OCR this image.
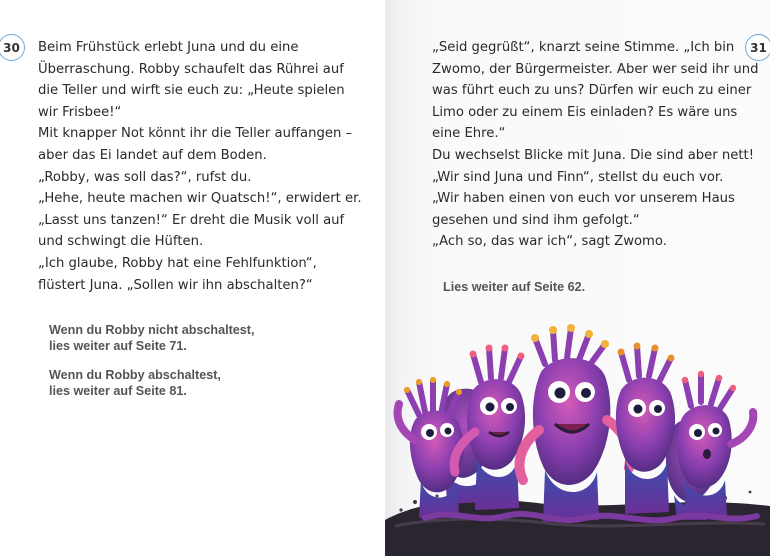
30	Beim Frühstück erlebt Juna und du eine
Überraschung. Robby schaufelt das Rührei auf
die Teller und wirft sie euch zu: „Heute spielen
wir Frisbee!“
Mit knapper Not könnt ihr die Teller auffangen –
aber das Ei landet auf dem Boden.
„Robby, was soll das?“, rufst du.
„Hehe, heute machen wir Quatsch!“, erwidert er.
„Lasst uns tanzen!“ Er dreht die Musik voll auf
und schwingt die Hüften.
„Ich glaube, Robby hat eine Fehlfunktion“,
flüstert Juna. „Sollen wir ihn abschalten?“
Wenn du Robby nicht abschaltest,
lies weiter auf Seite 71.
Wenn du Robby abschaltest,
lies weiter auf Seite 81.
31
„Seid gegrüßt“, knarzt seine Stimme. „Ich bin
Zwomo, der Bürgermeister. Aber wer seid ihr und
was führt euch zu uns? Dürfen wir euch zu einer
Limo oder zu einem Eis einladen? Es wäre uns
eine Ehre.“
Du wechselst Blicke mit Juna. Die sind aber nett!
„Wir sind Juna und Finn“, stellst du euch vor.
„Wir haben einen von euch vor unserem Haus
gesehen und sind ihm gefolgt.“
„Ach so, das war ich“, sagt Zwomo.
Lies weiter auf Seite 62.
